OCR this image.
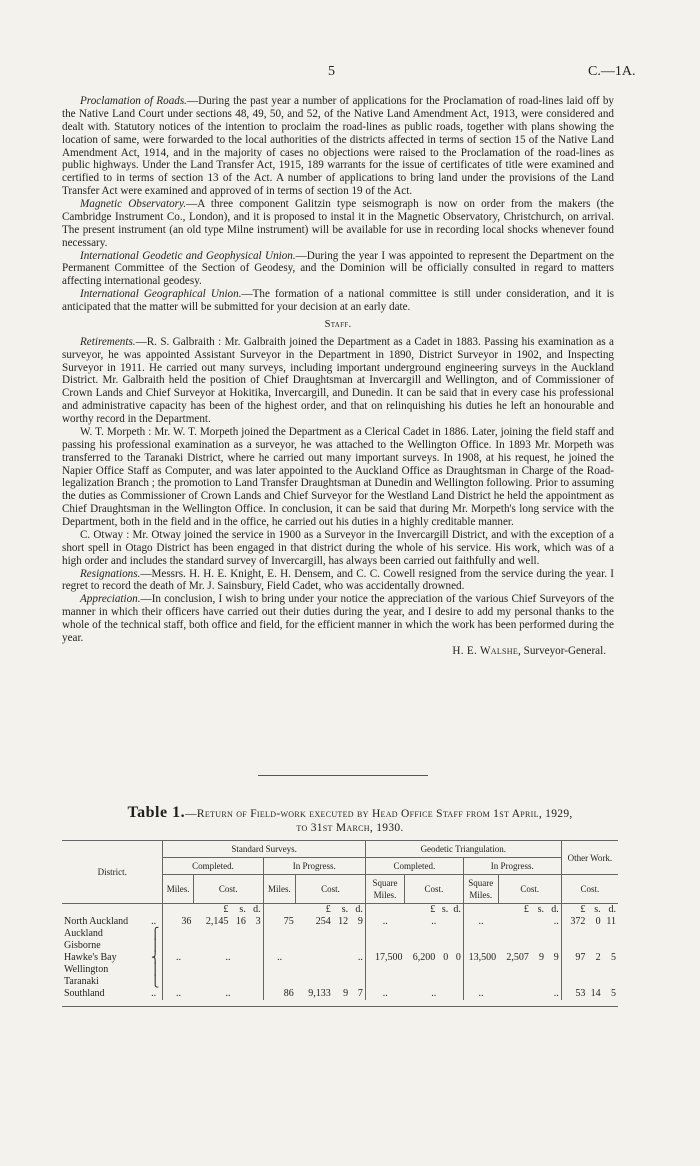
5	C.—1A.

Proclamation of Roads.—During the past year a number of applications for the Proclamation of road-lines laid off by the Native Land Court under sections 48, 49, 50, and 52, of the Native Land Amendment Act, 1913, were considered and dealt with. Statutory notices of the intention to proclaim the road-lines as public roads, together with plans showing the location of same, were forwarded to the local authorities of the districts affected in terms of section 15 of the Native Land Amendment Act, 1914, and in the majority of cases no objections were raised to the Proclamation of the road-lines as public highways. Under the Land Transfer Act, 1915, 189 warrants for the issue of certificates of title were examined and certified to in terms of section 13 of the Act. A number of applications to bring land under the provisions of the Land Transfer Act were examined and approved of in terms of section 19 of the Act.

Magnetic Observatory.—A three component Galitzin type seismograph is now on order from the makers (the Cambridge Instrument Co., London), and it is proposed to instal it in the Magnetic Observatory, Christchurch, on arrival. The present instrument (an old type Milne instrument) will be available for use in recording local shocks whenever found necessary.

International Geodetic and Geophysical Union.—During the year I was appointed to represent the Department on the Permanent Committee of the Section of Geodesy, and the Dominion will be officially consulted in regard to matters affecting international geodesy.

International Geographical Union.—The formation of a national committee is still under consideration, and it is anticipated that the matter will be submitted for your decision at an early date.

Staff.

Retirements.—R. S. Galbraith : Mr. Galbraith joined the Department as a Cadet in 1883. Passing his examination as a surveyor, he was appointed Assistant Surveyor in the Department in 1890, District Surveyor in 1902, and Inspecting Surveyor in 1911. He carried out many surveys, including important underground engineering surveys in the Auckland District. Mr. Galbraith held the position of Chief Draughtsman at Invercargill and Wellington, and of Commissioner of Crown Lands and Chief Surveyor at Hokitika, Invercargill, and Dunedin. It can be said that in every case his professional and administrative capacity has been of the highest order, and that on relinquishing his duties he left an honourable and worthy record in the Department.

W. T. Morpeth : Mr. W. T. Morpeth joined the Department as a Clerical Cadet in 1886. Later, joining the field staff and passing his professional examination as a surveyor, he was attached to the Wellington Office. In 1893 Mr. Morpeth was transferred to the Taranaki District, where he carried out many important surveys. In 1908, at his request, he joined the Napier Office Staff as Computer, and was later appointed to the Auckland Office as Draughtsman in Charge of the Road-legalization Branch ; the promotion to Land Transfer Draughtsman at Dunedin and Wellington following. Prior to assuming the duties as Commissioner of Crown Lands and Chief Surveyor for the Westland Land District he held the appointment as Chief Draughtsman in the Wellington Office. In conclusion, it can be said that during Mr. Morpeth's long service with the Department, both in the field and in the office, he carried out his duties in a highly creditable manner.

C. Otway : Mr. Otway joined the service in 1900 as a Surveyor in the Invercargill District, and with the exception of a short spell in Otago District has been engaged in that district during the whole of his service. His work, which was of a high order and includes the standard survey of Invercargill, has always been carried out faithfully and well.

Resignations.—Messrs. H. H. E. Knight, E. H. Densem, and C. C. Cowell resigned from the service during the year. I regret to record the death of Mr. J. Sainsbury, Field Cadet, who was accidentally drowned.

Appreciation.—In conclusion, I wish to bring under your notice the appreciation of the various Chief Surveyors of the manner in which their officers have carried out their duties during the year, and I desire to add my personal thanks to the whole of the technical staff, both office and field, for the efficient manner in which the work has been performed during the year.

H. E. Walshe, Surveyor-General.

Table 1.—Return of Field-work executed by Head Office Staff from 1st April, 1929,
to 31st March, 1930.
District.		Standard Surveys.								Geodetic Triangulation.								Other Work.		
		Completed.				In Progress.				Completed.				In Progress.						
		Miles.	Cost.			Miles.	Cost.			Square Miles.	Cost.			Square Miles.	Cost.			Cost.		
			£	s.	d.		£	s.	d.		£	s.	d.		£	s.	d.	£	s.	d.
North Auckland	..	36	2,145	16	3	75	254	12	9	..	..			..	..			372	0	11
Auckland	⎧																			
Gisborne	⎪																			
Hawke's Bay	⎨	..	..			..	..			17,500	6,200	0	0	13,500	2,507	9	9	97	2	5
Wellington	⎪																			
Taranaki	⎩																			
Southland	..	..	..			86	9,133	9	7	..	..			..	..			53	14	5
